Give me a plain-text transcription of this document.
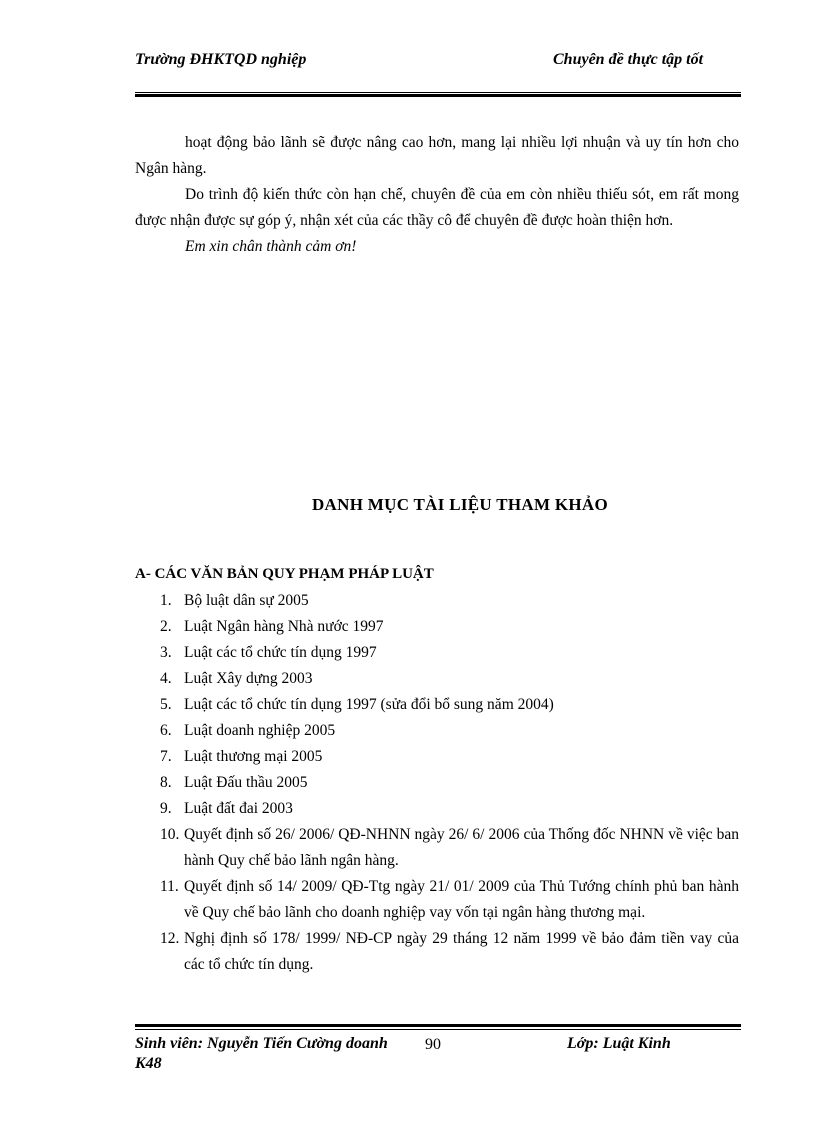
Trường ĐHKTQD nghiệp	Chuyên đề thực tập tốt

hoạt động bảo lãnh sẽ được nâng cao hơn, mang lại nhiều lợi nhuận và uy tín hơn cho Ngân hàng.

Do trình độ kiến thức còn hạn chế, chuyên đề của em còn nhiều thiếu sót, em rất mong được nhận được sự góp ý, nhận xét của các thầy cô để chuyên đề được hoàn thiện hơn.

Em xin chân thành cảm ơn!

DANH MỤC TÀI LIỆU THAM KHẢO
A- CÁC VĂN BẢN QUY PHẠM PHÁP LUẬT
1. Bộ luật dân sự 2005
2. Luật Ngân hàng Nhà nước 1997
3. Luật các tổ chức tín dụng 1997
4. Luật Xây dựng 2003
5. Luật các tổ chức tín dụng 1997 (sửa đổi bổ sung năm 2004)
6. Luật doanh nghiệp 2005
7. Luật thương mại 2005
8. Luật Đấu thầu 2005
9. Luật đất đai 2003
10. Quyết định số 26/ 2006/ QĐ-NHNN ngày 26/ 6/ 2006 của Thống đốc NHNN về việc ban hành Quy chế bảo lãnh ngân hàng.
11. Quyết định số 14/ 2009/ QĐ-Ttg ngày 21/ 01/ 2009 của Thủ Tướng chính phủ ban hành về Quy chế bảo lãnh cho doanh nghiệp vay vốn tại ngân hàng thương mại.
12. Nghị định số 178/ 1999/ NĐ-CP ngày 29 tháng 12 năm 1999 về bảo đảm tiền vay của các tổ chức tín dụng.
Sinh viên: Nguyễn Tiến Cường doanh K48
90	Lớp: Luật Kinh
